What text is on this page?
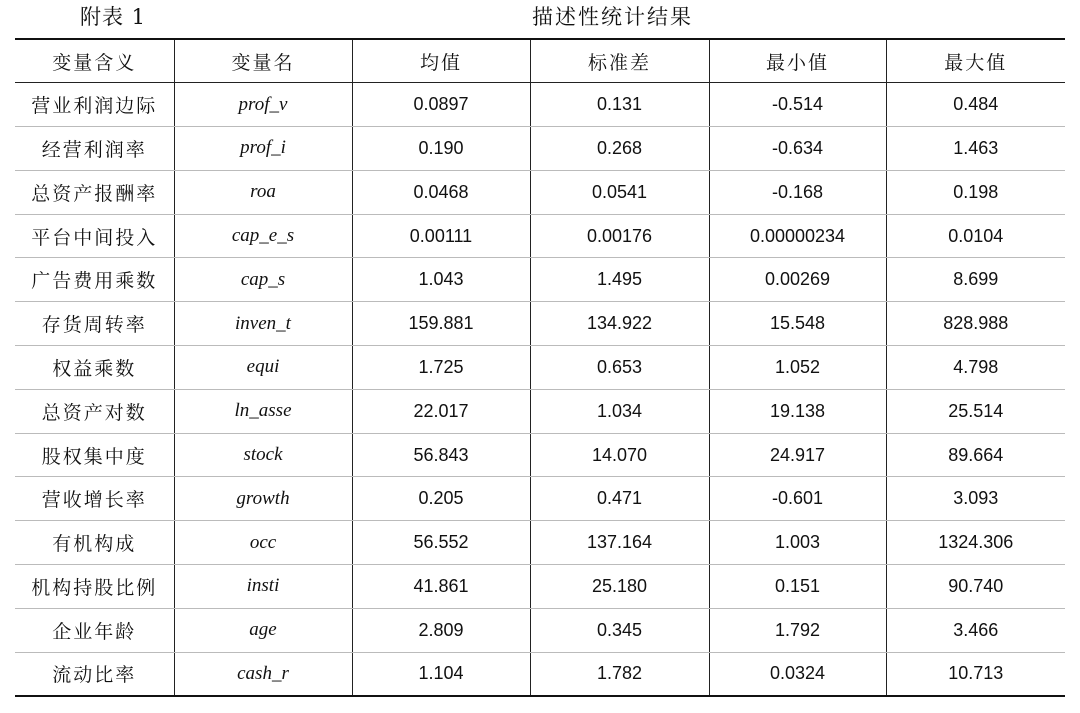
附表 1	描述性统计结果
变量含义	变量名	均值	标准差	最小值	最大值
营业利润边际	prof_v	0.0897	0.131	-0.514	0.484
经营利润率	prof_i	0.190	0.268	-0.634	1.463
总资产报酬率	roa	0.0468	0.0541	-0.168	0.198
平台中间投入	cap_e_s	0.00111	0.00176	0.00000234	0.0104
广告费用乘数	cap_s	1.043	1.495	0.00269	8.699
存货周转率	inven_t	159.881	134.922	15.548	828.988
权益乘数	equi	1.725	0.653	1.052	4.798
总资产对数	ln_asse	22.017	1.034	19.138	25.514
股权集中度	stock	56.843	14.070	24.917	89.664
营收增长率	growth	0.205	0.471	-0.601	3.093
有机构成	occ	56.552	137.164	1.003	1324.306
机构持股比例	insti	41.861	25.180	0.151	90.740
企业年龄	age	2.809	0.345	1.792	3.466
流动比率	cash_r	1.104	1.782	0.0324	10.713
